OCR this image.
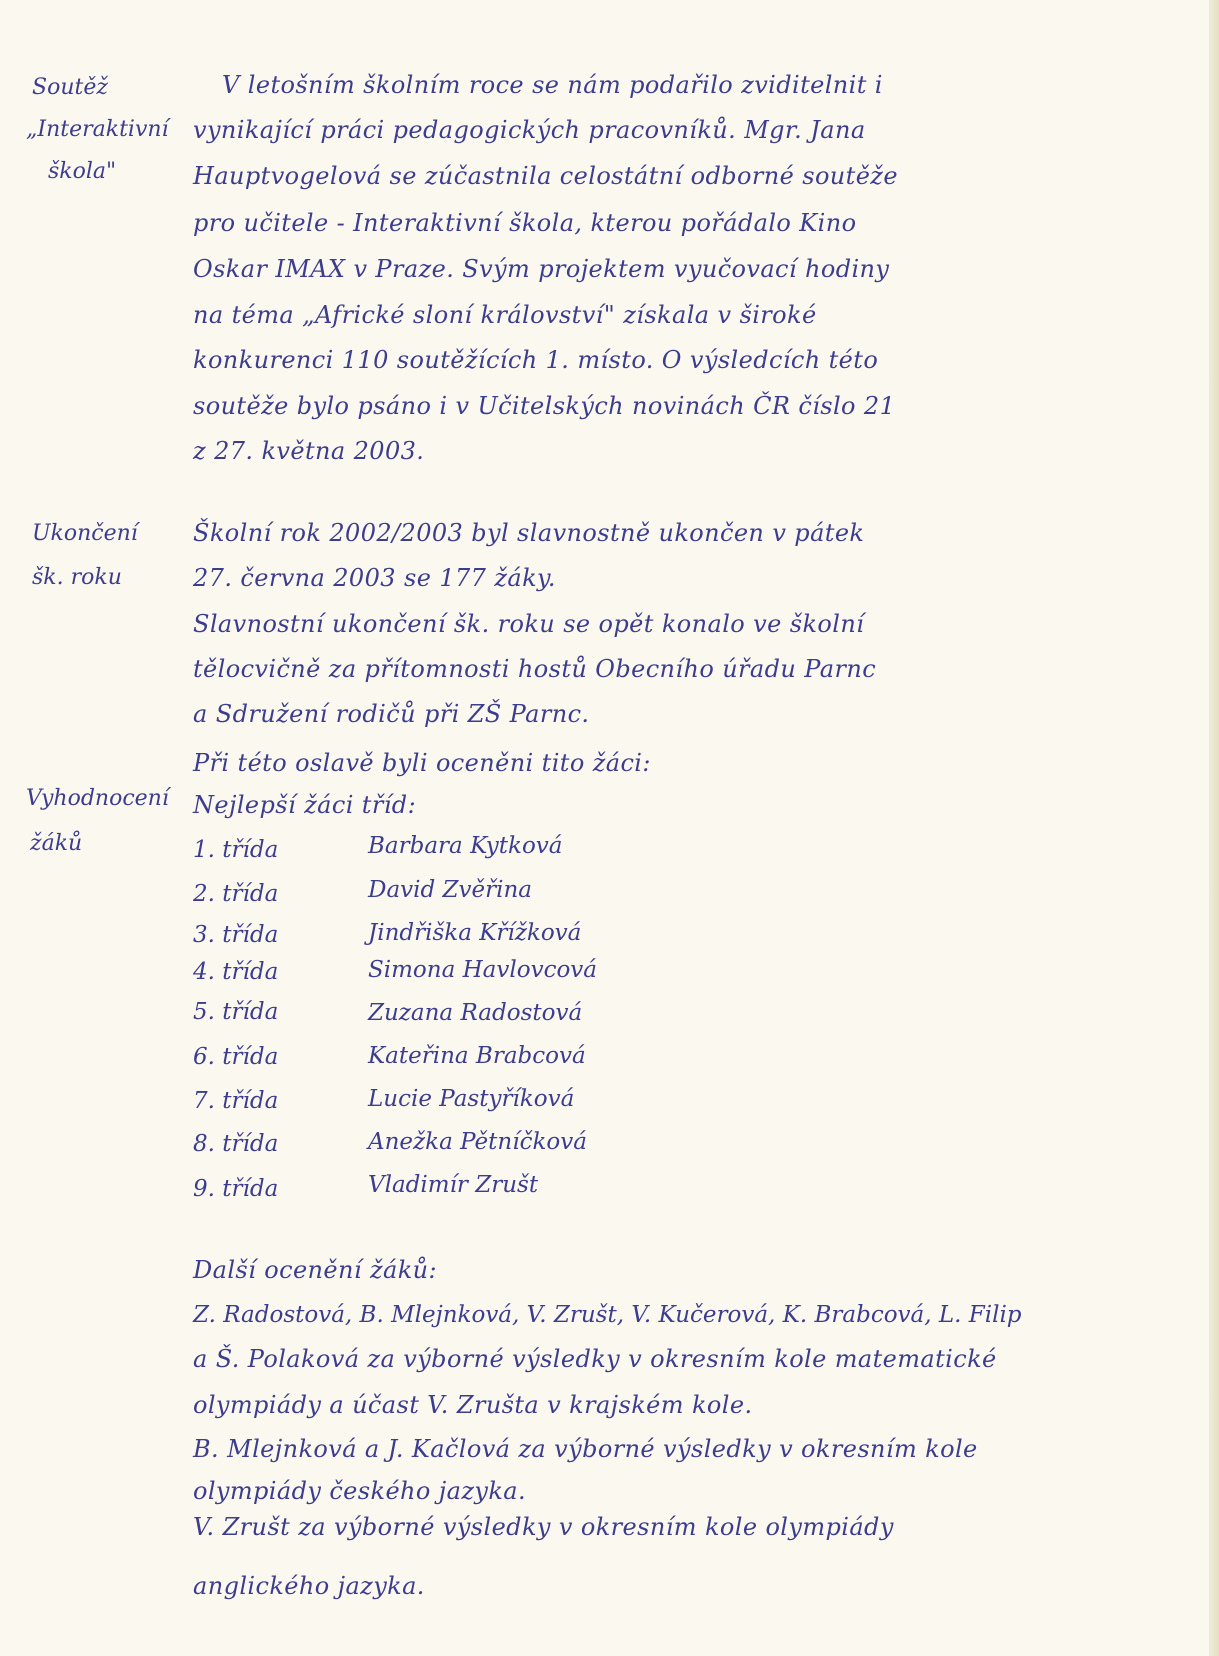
Soutěž
„Interaktivní
škola"
V letošním školním roce se nám podařilo zviditelnit i
vynikající práci pedagogických pracovníků. Mgr. Jana
Hauptvogelová se zúčastnila celostátní odborné soutěže
pro učitele - Interaktivní škola, kterou pořádalo Kino
Oskar IMAX v Praze. Svým projektem vyučovací hodiny
na téma „Africké sloní království" získala v široké
konkurenci 110 soutěžících 1. místo. O výsledcích této
soutěže bylo psáno i v Učitelských novinách ČR číslo 21
z 27. května 2003.
Ukončení
šk. roku
Školní rok 2002/2003 byl slavnostně ukončen v pátek
27. června 2003 se 177 žáky.
Slavnostní ukončení šk. roku se opět konalo ve školní
tělocvičně za přítomnosti hostů Obecního úřadu Parnc
a Sdružení rodičů při ZŠ Parnc.
Při této oslavě byli oceněni tito žáci:
Nejlepší žáci tříd:
Vyhodnocení
žáků	1. třída	Barbara Kytková
2. třída	David Zvěřina
3. třída	Jindřiška Křížková
4. třída	Simona Havlovcová
5. třída	Zuzana Radostová
6. třída	Kateřina Brabcová
7. třída	Lucie Pastyříková
8. třída	Anežka Pětníčková
9. třída	Vladimír Zrušt
Další ocenění žáků:
Z. Radostová, B. Mlejnková, V. Zrušt, V. Kučerová, K. Brabcová, L. Filip
a Š. Polaková za výborné výsledky v okresním kole matematické
olympiády a účast V. Zrušta v krajském kole.
B. Mlejnková a J. Kačlová za výborné výsledky v okresním kole
olympiády českého jazyka.
V. Zrušt za výborné výsledky v okresním kole olympiády
anglického jazyka.
